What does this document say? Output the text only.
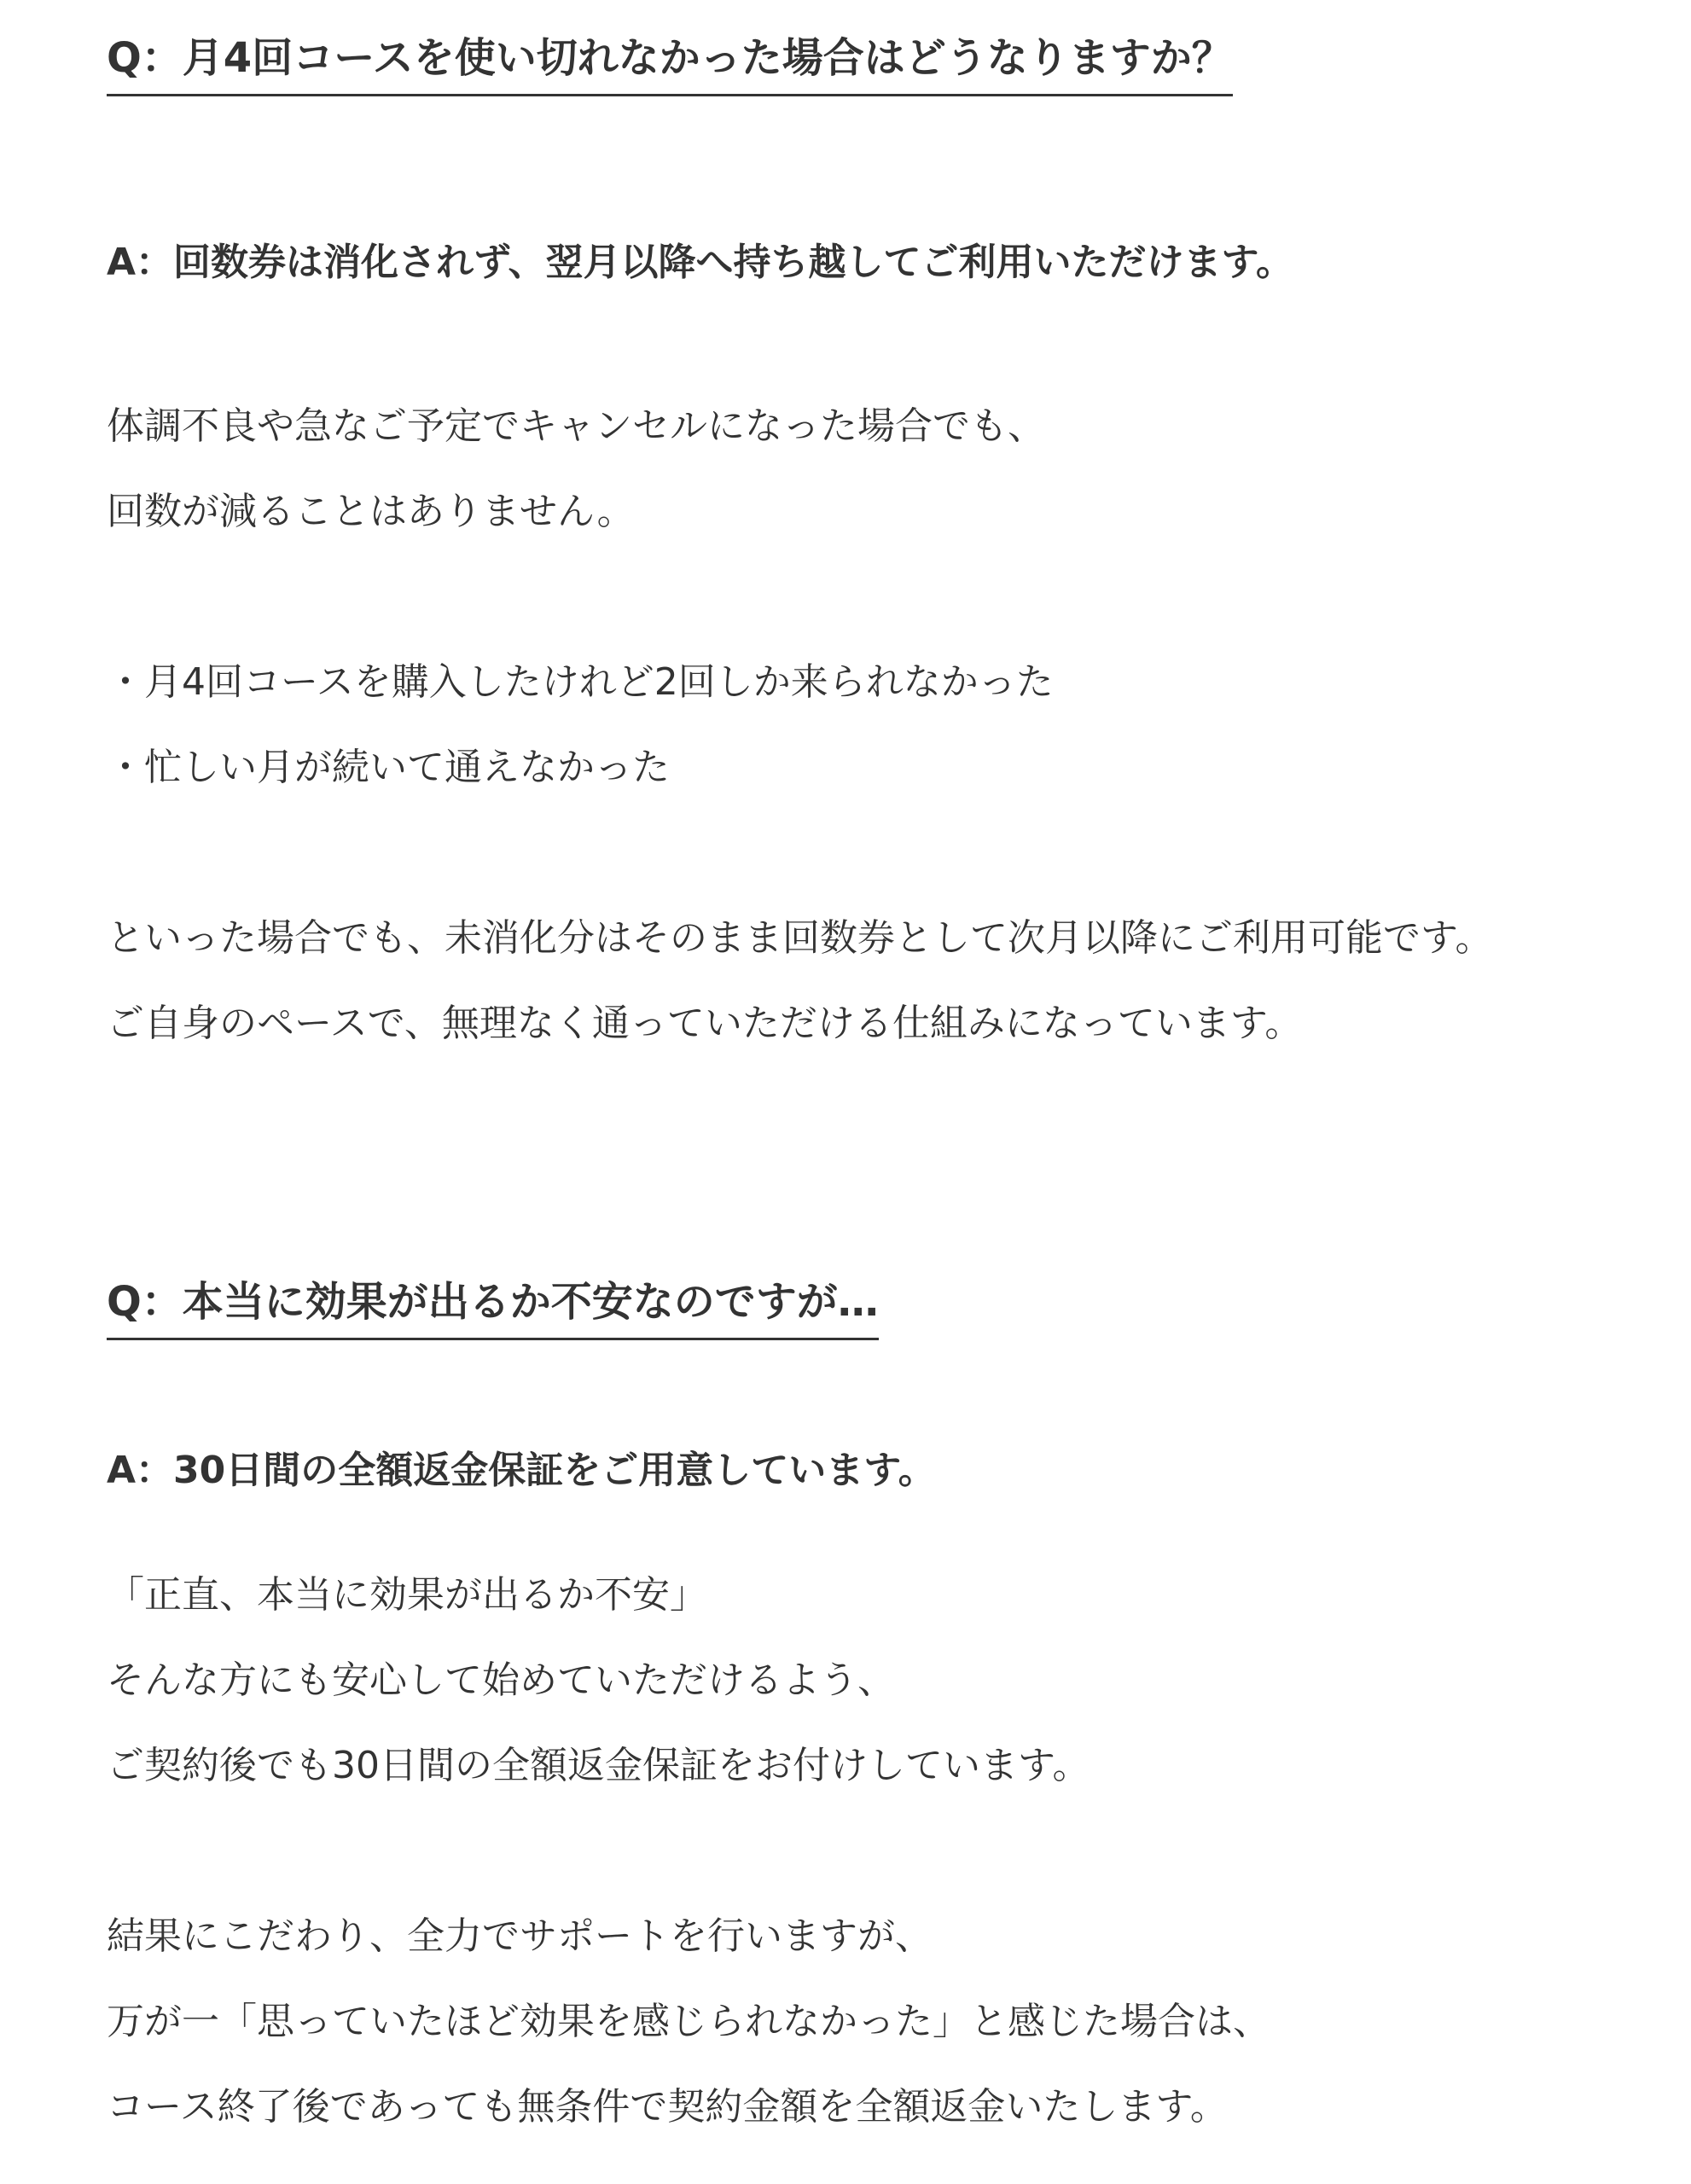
Q：月4回コースを使い切れなかった場合はどうなりますか？
A：回数券は消化されず、翌月以降へ持ち越してご利用いただけます。
体調不良や急なご予定でキャンセルになった場合でも、
回数が減ることはありません。

・月4回コースを購入したけれど2回しか来られなかった
・忙しい月が続いて通えなかった

といった場合でも、未消化分はそのまま回数券として次月以降にご利用可能です。
ご自身のペースで、無理なく通っていただける仕組みになっています。
Q：本当に効果が出るか不安なのですが…
A：30日間の全額返金保証をご用意しています。
「正直、本当に効果が出るか不安」
そんな方にも安心して始めていただけるよう、
ご契約後でも30日間の全額返金保証をお付けしています。

結果にこだわり、全力でサポートを行いますが、
万が一「思っていたほど効果を感じられなかった」と感じた場合は、
コース終了後であっても無条件で契約金額を全額返金いたします。
